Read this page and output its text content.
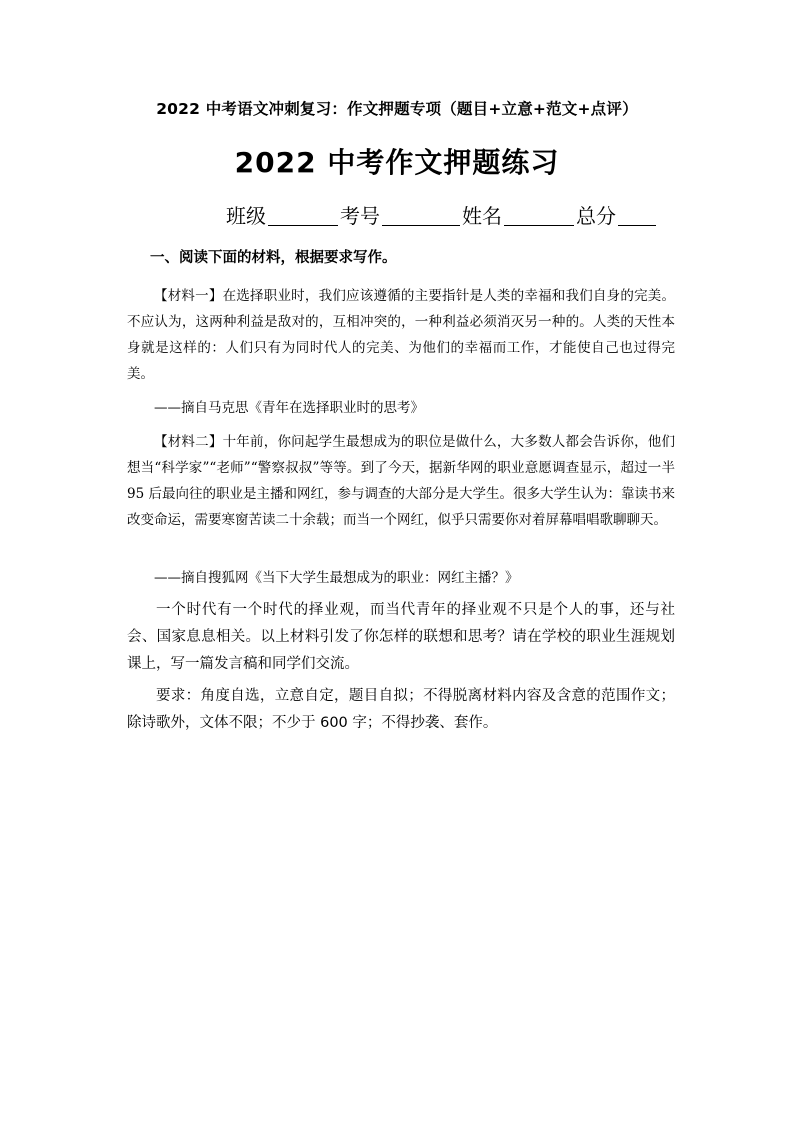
2022 中考语文冲刺复习：作文押题专项（题目+立意+范文+点评）
2022 中考作文押题练习
班级	考号	姓名	总分
一、阅读下面的材料，根据要求写作。
【材料一】在选择职业时，我们应该遵循的主要指针是人类的幸福和我们自身的完美。不应认为，这两种利益是敌对的，互相冲突的，一种利益必须消灭另一种的。人类的天性本身就是这样的：人们只有为同时代人的完美、为他们的幸福而工作，才能使自己也过得完美。
——摘自马克思《青年在选择职业时的思考》
【材料二】十年前，你问起学生最想成为的职位是做什么，大多数人都会告诉你，他们想当“科学家”“老师”“警察叔叔”等等。到了今天，据新华网的职业意愿调查显示，超过一半 95 后最向往的职业是主播和网红，参与调查的大部分是大学生。很多大学生认为：靠读书来改变命运，需要寒窗苦读二十余载；而当一个网红，似乎只需要你对着屏幕唱唱歌聊聊天。
——摘自搜狐网《当下大学生最想成为的职业：网红主播？》
一个时代有一个时代的择业观，而当代青年的择业观不只是个人的事，还与社会、国家息息相关。以上材料引发了你怎样的联想和思考？请在学校的职业生涯规划课上，写一篇发言稿和同学们交流。
要求：角度自选，立意自定，题目自拟；不得脱离材料内容及含意的范围作文；除诗歌外，文体不限；不少于 600 字；不得抄袭、套作。
